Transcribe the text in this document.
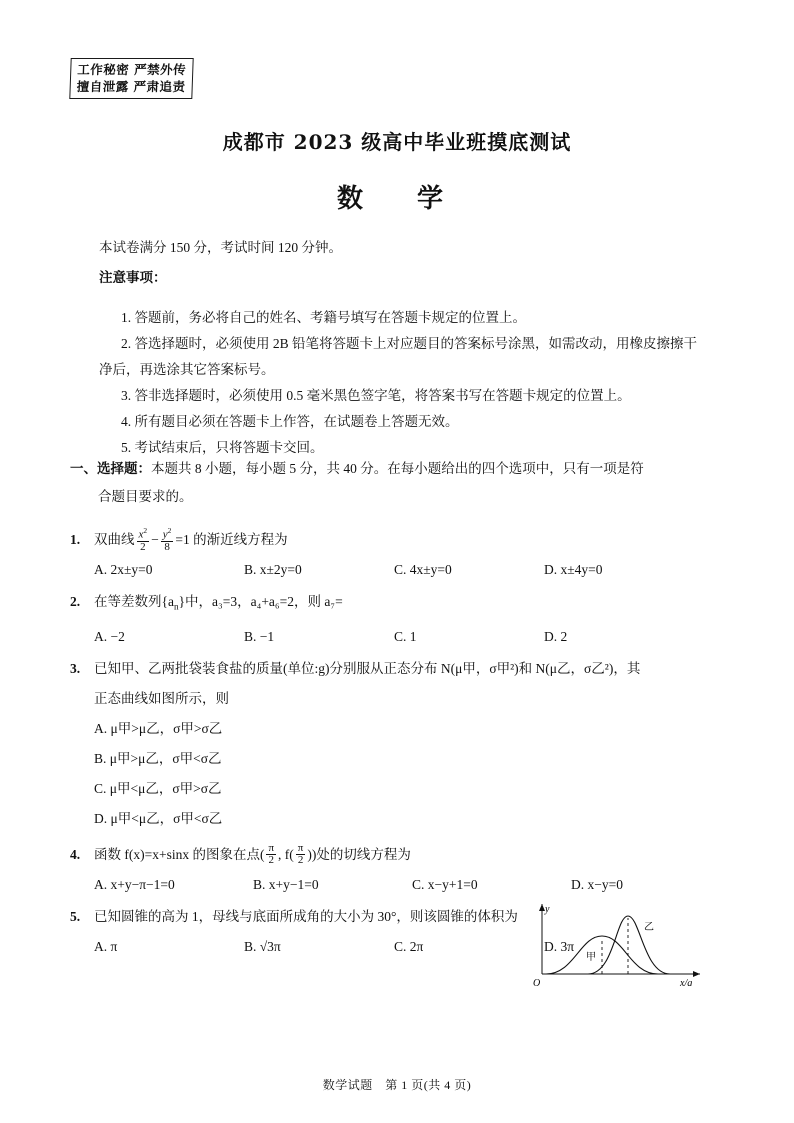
工作秘密 严禁外传
擅自泄露 严肃追责
成都市 2023 级高中毕业班摸底测试
数　学

本试卷满分 150 分，考试时间 120 分钟。

注意事项：

1. 答题前，务必将自己的姓名、考籍号填写在答题卡规定的位置上。

2. 答选择题时，必须使用 2B 铅笔将答题卡上对应题目的答案标号涂黑，如需改动，用橡皮擦擦干净后，再选涂其它答案标号。

3. 答非选择题时，必须使用 0.5 毫米黑色签字笔，将答案书写在答题卡规定的位置上。

4. 所有题目必须在答题卡上作答，在试题卷上答题无效。

5. 考试结束后，只将答题卡交回。

一、选择题：本题共 8 小题，每小题 5 分，共 40 分。在每小题给出的四个选项中，只有一项是符
合题目要求的。
1.	双曲线 $\frac{x^2}{2} - \frac{y^2}{8} =1$ 的渐近线方程为
A. 2x±y=0	B. x±2y=0	C. 4x±y=0	D. x±4y=0
2.	在等差数列$\{a_n\}$中，a₃=3，a₄+a₆=2，则 a₇=
A. −2	B. −1	C. 1	D. 2
3.	已知甲、乙两批袋装食盐的质量(单位:g)分别服从正态分布 N(μ甲，σ甲²)和 N(μ乙，σ乙²)，其
正态曲线如图所示，则
A. μ甲>μ乙，σ甲>σ乙
B. μ甲>μ乙，σ甲<σ乙
C. μ甲<μ乙，σ甲>σ乙
D. μ甲<μ乙，σ甲<σ乙
y
x/g
O
甲
乙
4.	函数 f(x)=x+sinx 的图象在点( $\frac{\pi}{2}$ , $f( \frac{\pi}{2}$ ))处的切线方程为
A. x+y−π−1=0	B. x+y−1=0	C. x−y+1=0	D. x−y=0
5.	已知圆锥的高为 1，母线与底面所成角的大小为 30°，则该圆锥的体积为
A. π	B. √3π	C. 2π	D. 3π
数学试题　第 1 页(共 4 页)
